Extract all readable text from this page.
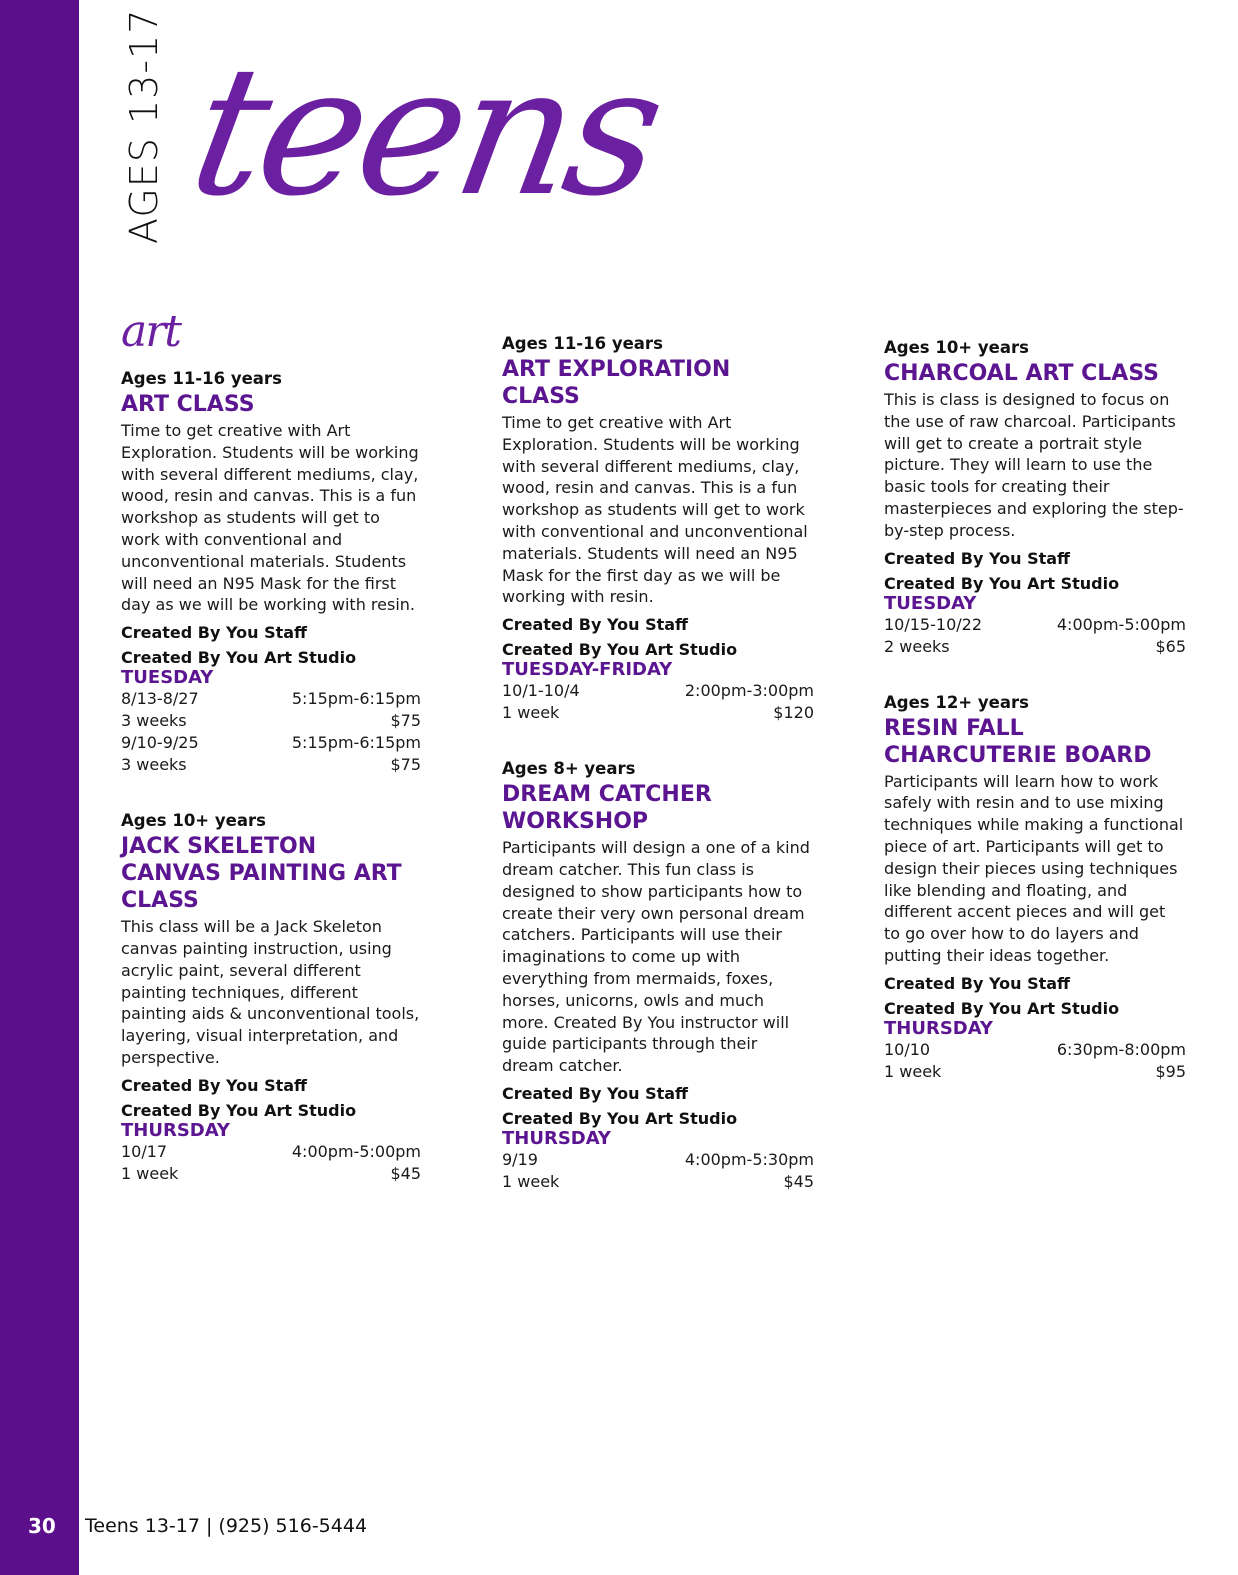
AGES 13-17 teens
art
Ages 11-16 years
ART CLASS
Time to get creative with Art Exploration. Students will be working with several different mediums, clay, wood, resin and canvas. This is a fun workshop as students will get to work with conventional and unconventional materials. Students will need an N95 Mask for the first day as we will be working with resin.
Created By You Staff
Created By You Art Studio
TUESDAY
8/13-8/27	5:15pm-6:15pm
3 weeks	$75
9/10-9/25	5:15pm-6:15pm
3 weeks	$75
Ages 10+ years
JACK SKELETON CANVAS PAINTING ART CLASS
This class will be a Jack Skeleton canvas painting instruction, using acrylic paint, several different painting techniques, different painting aids & unconventional tools, layering, visual interpretation, and perspective.
Created By You Staff
Created By You Art Studio
THURSDAY
10/17	4:00pm-5:00pm
1 week	$45
Ages 11-16 years
ART EXPLORATION CLASS
Time to get creative with Art Exploration. Students will be working with several different mediums, clay, wood, resin and canvas. This is a fun workshop as students will get to work with conventional and unconventional materials. Students will need an N95 Mask for the first day as we will be working with resin.
Created By You Staff
Created By You Art Studio
TUESDAY-FRIDAY
10/1-10/4	2:00pm-3:00pm
1 week	$120
Ages 8+ years
DREAM CATCHER WORKSHOP
Participants will design a one of a kind dream catcher. This fun class is designed to show participants how to create their very own personal dream catchers. Participants will use their imaginations to come up with everything from mermaids, foxes, horses, unicorns, owls and much more. Created By You instructor will guide participants through their dream catcher.
Created By You Staff
Created By You Art Studio
THURSDAY
9/19	4:00pm-5:30pm
1 week	$45
Ages 10+ years
CHARCOAL ART CLASS
This is class is designed to focus on the use of raw charcoal. Participants will get to create a portrait style picture. They will learn to use the basic tools for creating their masterpieces and exploring the step-by-step process.
Created By You Staff
Created By You Art Studio
TUESDAY
10/15-10/22	4:00pm-5:00pm
2 weeks	$65
Ages 12+ years
RESIN FALL CHARCUTERIE BOARD
Participants will learn how to work safely with resin and to use mixing techniques while making a functional piece of art. Participants will get to design their pieces using techniques like blending and floating, and different accent pieces and will get to go over how to do layers and putting their ideas together.
Created By You Staff
Created By You Art Studio
THURSDAY
10/10	6:30pm-8:00pm
1 week	$95
30 Teens 13-17 | (925) 516-5444
